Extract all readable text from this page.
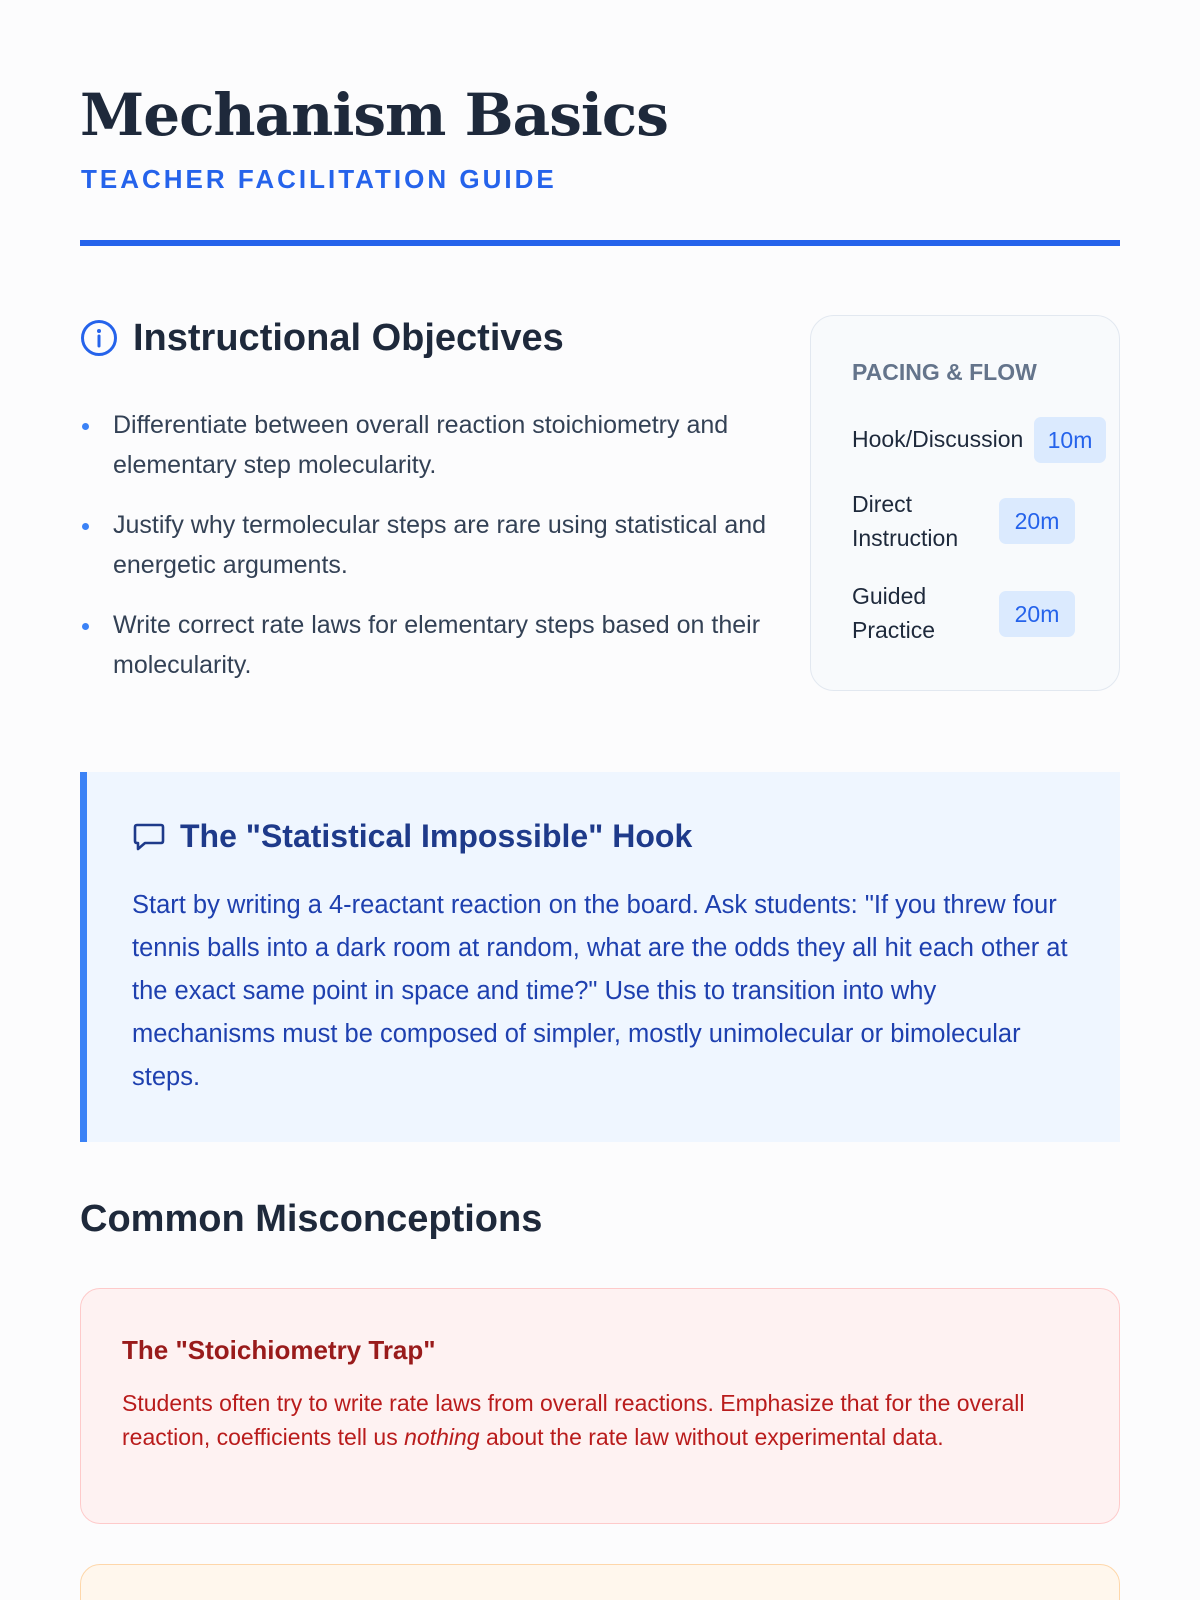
Mechanism Basics
TEACHER FACILITATION GUIDE
Instructional Objectives
Differentiate between overall reaction stoichiometry and elementary step molecularity.
Justify why termolecular steps are rare using statistical and energetic arguments.
Write correct rate laws for elementary steps based on their molecularity.
PACING & FLOW
Hook/Discussion	10m
Direct Instruction
20m
Guided Practice
20m
The "Statistical Impossible" Hook

Start by writing a 4-reactant reaction on the board. Ask students: "If you threw four tennis balls into a dark room at random, what are the odds they all hit each other at the exact same point in space and time?" Use this to transition into why mechanisms must be composed of simpler, mostly unimolecular or bimolecular steps.

Common Misconceptions
The "Stoichiometry Trap"

Students often try to write rate laws from overall reactions. Emphasize that for the overall reaction, coefficients tell us nothing about the rate law without experimental data.
